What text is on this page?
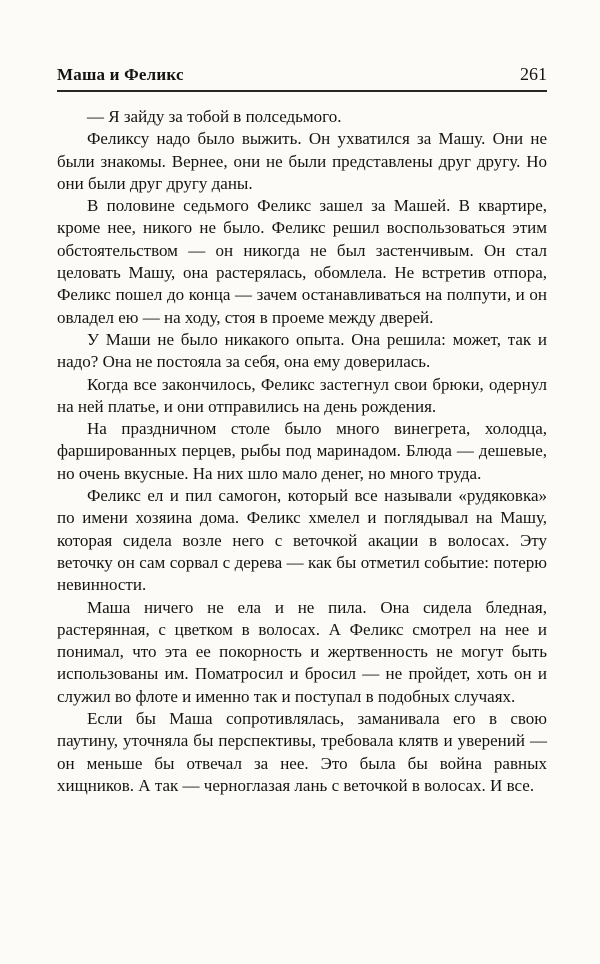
Маша и Феликс	261

— Я зайду за тобой в полседьмого.

Феликсу надо было выжить. Он ухватился за Машу. Они не были знакомы. Вернее, они не были представлены друг другу. Но они были друг другу даны.

В половине седьмого Феликс зашел за Машей. В квартире, кроме нее, никого не было. Феликс решил воспользоваться этим обстоятельством — он никогда не был застенчивым. Он стал целовать Машу, она растерялась, обомлела. Не встретив отпора, Феликс пошел до конца — зачем останавливаться на полпути, и он овладел ею — на ходу, стоя в проеме между дверей.

У Маши не было никакого опыта. Она решила: может, так и надо? Она не постояла за себя, она ему доверилась.

Когда все закончилось, Феликс застегнул свои брюки, одернул на ней платье, и они отправились на день рождения.

На праздничном столе было много винегрета, холодца, фаршированных перцев, рыбы под маринадом. Блюда — дешевые, но очень вкусные. На них шло мало денег, но много труда.

Феликс ел и пил самогон, который все называли «рудяковка» по имени хозяина дома. Феликс хмелел и поглядывал на Машу, которая сидела возле него с веточкой акации в волосах. Эту веточку он сам сорвал с дерева — как бы отметил событие: потерю невинности.

Маша ничего не ела и не пила. Она сидела бледная, растерянная, с цветком в волосах. А Феликс смотрел на нее и понимал, что эта ее покорность и жертвенность не могут быть использованы им. Поматросил и бросил — не пройдет, хоть он и служил во флоте и именно так и поступал в подобных случаях.

Если бы Маша сопротивлялась, заманивала его в свою паутину, уточняла бы перспективы, требовала клятв и уверений — он меньше бы отвечал за нее. Это была бы война равных хищников. А так — черноглазая лань с веточкой в волосах. И все.
